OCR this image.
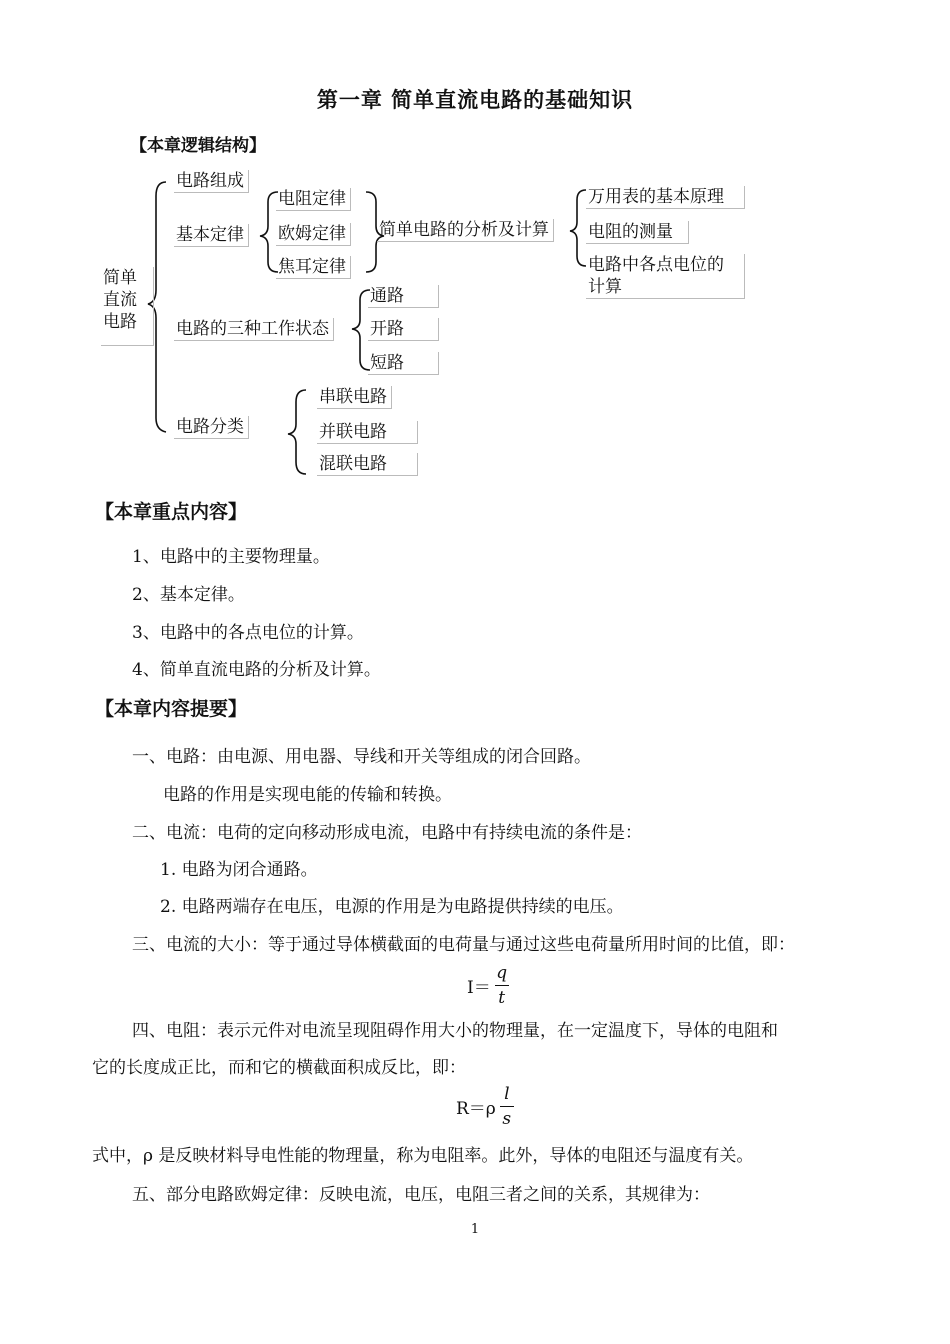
第一章 简单直流电路的基础知识
【本章逻辑结构】
简单
直流
电路
电路组成
基本定律
电阻定律
欧姆定律
焦耳定律
简单电路的分析及计算
万用表的基本原理
电阻的测量
电路中各点电位的计算
电路的三种工作状态
通路
开路
短路
电路分类
串联电路
并联电路
混联电路
【本章重点内容】
1、电路中的主要物理量。
2、基本定律。
3、电路中的各点电位的计算。
4、简单直流电路的分析及计算。
【本章内容提要】
一、电路：由电源、用电器、导线和开关等组成的闭合回路。
电路的作用是实现电能的传输和转换。
二、电流：电荷的定向移动形成电流，电路中有持续电流的条件是：
1. 电路为闭合通路。
2. 电路两端存在电压，电源的作用是为电路提供持续的电压。
三、电流的大小：等于通过导体横截面的电荷量与通过这些电荷量所用时间的比值，即：
$I= \frac{q}{t}$
四、电阻：表示元件对电流呈现阻碍作用大小的物理量，在一定温度下，导体的电阻和
它的长度成正比，而和它的横截面积成反比，即：
$R=\rho \frac{l}{s}$
式中，ρ 是反映材料导电性能的物理量，称为电阻率。此外，导体的电阻还与温度有关。
五、部分电路欧姆定律：反映电流，电压，电阻三者之间的关系，其规律为：
1
